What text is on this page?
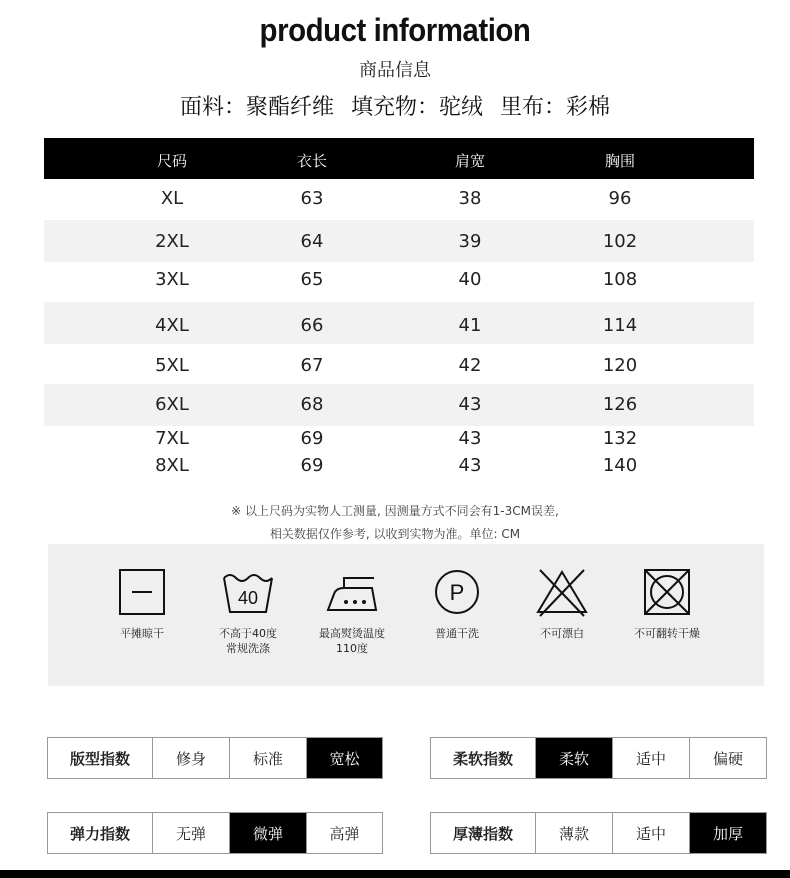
product information
商品信息
面料：聚酯纤维 填充物：驼绒 里布：彩棉
尺码	衣长	肩宽	胸围
XL	63	38	96
2XL	64	39	102
3XL	65	40	108
4XL	66	41	114
5XL	67	42	120
6XL	68	43	126
7XL	69	43	132
8XL	69	43	140
※ 以上尺码为实物人工测量, 因测量方式不同会有1-3CM误差,
相关数据仅作参考, 以收到实物为准。单位: CM
平摊晾干
40
不高于40度
常规洗涤
最高熨烫温度
110度
P
普通干洗	不可漂白	不可翻转干燥
版型指数	修身	标准	宽松	柔软指数	柔软	适中	偏硬
弹力指数	无弹	微弹	高弹	厚薄指数	薄款	适中	加厚
